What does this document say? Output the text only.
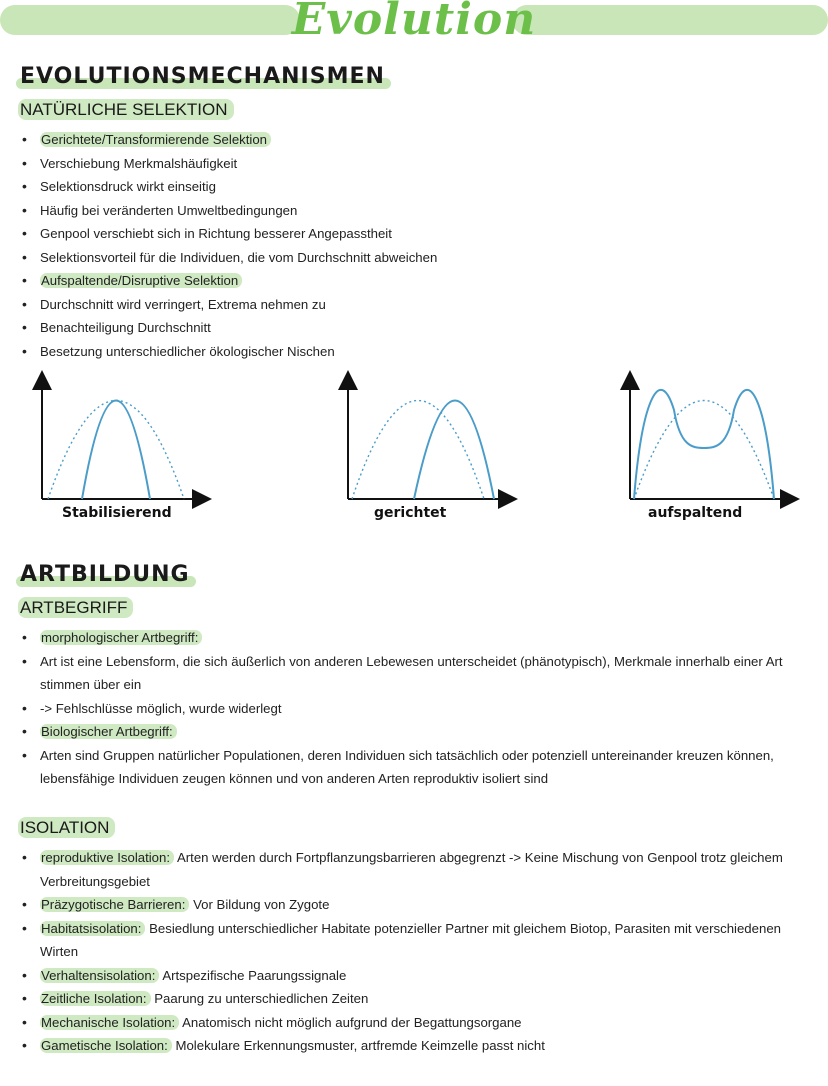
Evolution
EVOLUTIONSMECHANISMEN
NATÜRLICHE SELEKTION
• Gerichtete/Transformierende Selektion
• Verschiebung Merkmalshäufigkeit
• Selektionsdruck wirkt einseitig
• Häufig bei veränderten Umweltbedingungen
• Genpool verschiebt sich in Richtung besserer Angepasstheit
• Selektionsvorteil für die Individuen, die vom Durchschnitt abweichen
• Aufspaltende/Disruptive Selektion
• Durchschnitt wird verringert, Extrema nehmen zu
• Benachteiligung Durchschnitt
• Besetzung unterschiedlicher ökologischer Nischen
Stabilisierend	gerichtet	aufspaltend
ARTBILDUNG
ARTBEGRIFF
• morphologischer Artbegriff:
• Art ist eine Lebensform, die sich äußerlich von anderen Lebewesen unterscheidet (phänotypisch), Merkmale innerhalb einer Art stimmen über ein
• -> Fehlschlüsse möglich, wurde widerlegt
• Biologischer Artbegriff:
• Arten sind Gruppen natürlicher Populationen, deren Individuen sich tatsächlich oder potenziell untereinander kreuzen können, lebensfähige Individuen zeugen können und von anderen Arten reproduktiv isoliert sind
ISOLATION
• reproduktive Isolation: Arten werden durch Fortpflanzungsbarrieren abgegrenzt -> Keine Mischung von Genpool trotz gleichem Verbreitungsgebiet
• Präzygotische Barrieren: Vor Bildung von Zygote
• Habitatsisolation: Besiedlung unterschiedlicher Habitate potenzieller Partner mit gleichem Biotop, Parasiten mit verschiedenen Wirten
• Verhaltensisolation: Artspezifische Paarungssignale
• Zeitliche Isolation: Paarung zu unterschiedlichen Zeiten
• Mechanische Isolation: Anatomisch nicht möglich aufgrund der Begattungsorgane
• Gametische Isolation: Molekulare Erkennungsmuster, artfremde Keimzelle passt nicht
